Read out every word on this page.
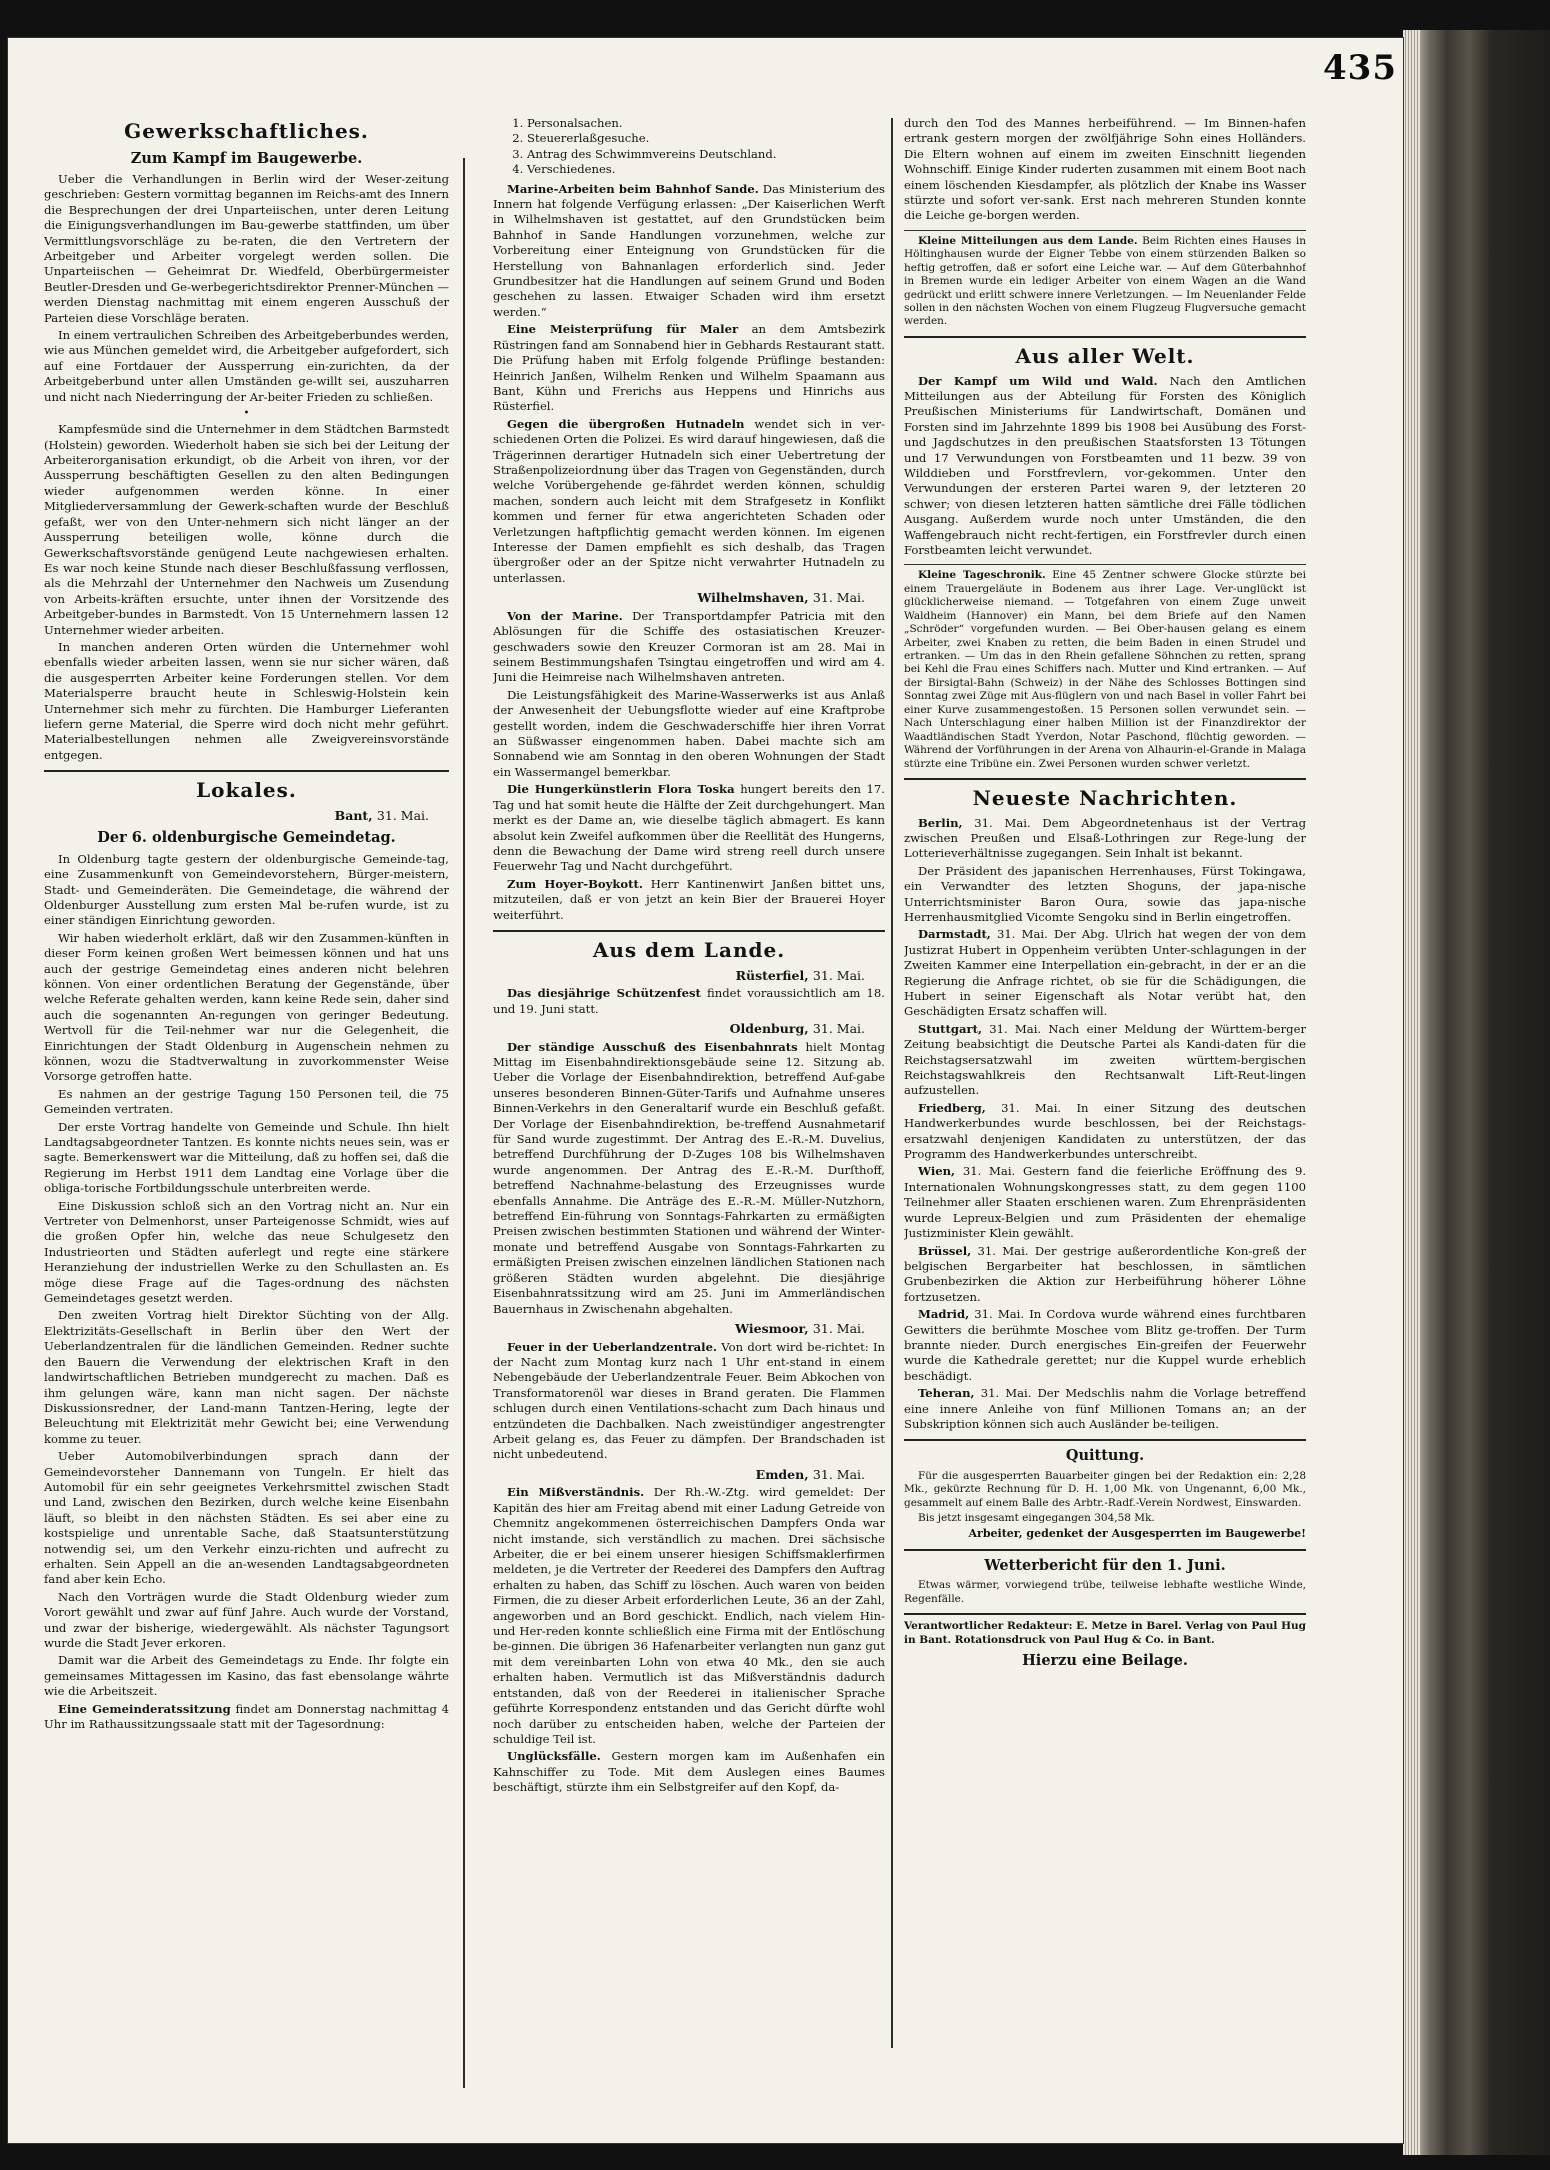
435
Gewerkschaftliches.
Zum Kampf im Baugewerbe.

Ueber die Verhandlungen in Berlin wird der Weser-zeitung geschrieben: Gestern vormittag begannen im Reichs-amt des Innern die Besprechungen der drei Unparteiischen, unter deren Leitung die Einigungsverhandlungen im Bau-gewerbe stattfinden, um über Vermittlungsvorschläge zu be-raten, die den Vertretern der Arbeitgeber und Arbeiter vorgelegt werden sollen. Die Unparteiischen — Geheimrat Dr. Wiedfeld, Oberbürgermeister Beutler-Dresden und Ge-werbegerichtsdirektor Prenner-München — werden Dienstag nachmittag mit einem engeren Ausschuß der Parteien diese Vorschläge beraten.

In einem vertraulichen Schreiben des Arbeitgeberbundes werden, wie aus München gemeldet wird, die Arbeitgeber aufgefordert, sich auf eine Fortdauer der Aussperrung ein-zurichten, da der Arbeitgeberbund unter allen Umständen ge-willt sei, auszuharren und nicht nach Niederringung der Ar-beiter Frieden zu schließen.

•

Kampfesmüde sind die Unternehmer in dem Städtchen Barmstedt (Holstein) geworden. Wiederholt haben sie sich bei der Leitung der Arbeiterorganisation erkundigt, ob die Arbeit von ihren, vor der Aussperrung beschäftigten Gesellen zu den alten Bedingungen wieder aufgenommen werden könne. In einer Mitgliederversammlung der Gewerk-schaften wurde der Beschluß gefaßt, wer von den Unter-nehmern sich nicht länger an der Aussperrung beteiligen wolle, könne durch die Gewerkschaftsvorstände genügend Leute nachgewiesen erhalten. Es war noch keine Stunde nach dieser Beschlußfassung verflossen, als die Mehrzahl der Unternehmer den Nachweis um Zusendung von Arbeits-kräften ersuchte, unter ihnen der Vorsitzende des Arbeitgeber-bundes in Barmstedt. Von 15 Unternehmern lassen 12 Unternehmer wieder arbeiten.

In manchen anderen Orten würden die Unternehmer wohl ebenfalls wieder arbeiten lassen, wenn sie nur sicher wären, daß die ausgesperrten Arbeiter keine Forderungen stellen. Vor dem Materialsperre braucht heute in Schleswig-Holstein kein Unternehmer sich mehr zu fürchten. Die Hamburger Lieferanten liefern gerne Material, die Sperre wird doch nicht mehr geführt. Materialbestellungen nehmen alle Zweigvereinsvorstände entgegen.

Lokales.
Bant, 31. Mai.
Der 6. oldenburgische Gemeindetag.

In Oldenburg tagte gestern der oldenburgische Gemeinde-tag, eine Zusammenkunft von Gemeindevorstehern, Bürger-meistern, Stadt- und Gemeinderäten. Die Gemeindetage, die während der Oldenburger Ausstellung zum ersten Mal be-rufen wurde, ist zu einer ständigen Einrichtung geworden.

Wir haben wiederholt erklärt, daß wir den Zusammen-künften in dieser Form keinen großen Wert beimessen können und hat uns auch der gestrige Gemeindetag eines anderen nicht belehren können. Von einer ordentlichen Beratung der Gegenstände, über welche Referate gehalten werden, kann keine Rede sein, daher sind auch die sogenannten An-regungen von geringer Bedeutung. Wertvoll für die Teil-nehmer war nur die Gelegenheit, die Einrichtungen der Stadt Oldenburg in Augenschein nehmen zu können, wozu die Stadtverwaltung in zuvorkommenster Weise Vorsorge getroffen hatte.

Es nahmen an der gestrige Tagung 150 Personen teil, die 75 Gemeinden vertraten.

Der erste Vortrag handelte von Gemeinde und Schule. Ihn hielt Landtagsabgeordneter Tantzen. Es konnte nichts neues sein, was er sagte. Bemerkenswert war die Mitteilung, daß zu hoffen sei, daß die Regierung im Herbst 1911 dem Landtag eine Vorlage über die obliga-torische Fortbildungsschule unterbreiten werde.

Eine Diskussion schloß sich an den Vortrag nicht an. Nur ein Vertreter von Delmenhorst, unser Parteigenosse Schmidt, wies auf die großen Opfer hin, welche das neue Schulgesetz den Industrieorten und Städten auferlegt und regte eine stärkere Heranziehung der industriellen Werke zu den Schullasten an. Es möge diese Frage auf die Tages-ordnung des nächsten Gemeindetages gesetzt werden.

Den zweiten Vortrag hielt Direktor Süchting von der Allg. Elektrizitäts-Gesellschaft in Berlin über den Wert der Ueberlandzentralen für die ländlichen Gemeinden. Redner suchte den Bauern die Verwendung der elektrischen Kraft in den landwirtschaftlichen Betrieben mundgerecht zu machen. Daß es ihm gelungen wäre, kann man nicht sagen. Der nächste Diskussionsredner, der Land-mann Tantzen-Hering, legte der Beleuchtung mit Elektrizität mehr Gewicht bei; eine Verwendung komme zu teuer.

Ueber Automobilverbindungen sprach dann der Gemeindevorsteher Dannemann von Tungeln. Er hielt das Automobil für ein sehr geeignetes Verkehrsmittel zwischen Stadt und Land, zwischen den Bezirken, durch welche keine Eisenbahn läuft, so bleibt in den nächsten Städten. Es sei aber eine zu kostspielige und unrentable Sache, daß Staatsunterstützung notwendig sei, um den Verkehr einzu-richten und aufrecht zu erhalten. Sein Appell an die an-wesenden Landtagsabgeordneten fand aber kein Echo.

Nach den Vorträgen wurde die Stadt Oldenburg wieder zum Vorort gewählt und zwar auf fünf Jahre. Auch wurde der Vorstand, und zwar der bisherige, wiedergewählt. Als nächster Tagungsort wurde die Stadt Jever erkoren.

Damit war die Arbeit des Gemeindetags zu Ende. Ihr folgte ein gemeinsames Mittagessen im Kasino, das fast ebensolange währte wie die Arbeitszeit.

Eine Gemeinderatssitzung findet am Donnerstag nachmittag 4 Uhr im Rathaussitzungssaale statt mit der Tagesordnung:

1. Personalsachen.
2. Steuererlaßgesuche.
3. Antrag des Schwimmvereins Deutschland.
4. Verschiedenes.

Marine-Arbeiten beim Bahnhof Sande. Das Ministerium des Innern hat folgende Verfügung erlassen: „Der Kaiserlichen Werft in Wilhelmshaven ist gestattet, auf den Grundstücken beim Bahnhof in Sande Handlungen vorzunehmen, welche zur Vorbereitung einer Enteignung von Grundstücken für die Herstellung von Bahnanlagen erforderlich sind. Jeder Grundbesitzer hat die Handlungen auf seinem Grund und Boden geschehen zu lassen. Etwaiger Schaden wird ihm ersetzt werden.“

Eine Meisterprüfung für Maler an dem Amtsbezirk Rüstringen fand am Sonnabend hier in Gebhards Restaurant statt. Die Prüfung haben mit Erfolg folgende Prüflinge bestanden: Heinrich Janßen, Wilhelm Renken und Wilhelm Spaamann aus Bant, Kühn und Frerichs aus Heppens und Hinrichs aus Rüsterfiel.

Gegen die übergroßen Hutnadeln wendet sich in ver-schiedenen Orten die Polizei. Es wird darauf hingewiesen, daß die Trägerinnen derartiger Hutnadeln sich einer Uebertretung der Straßenpolizeiordnung über das Tragen von Gegenständen, durch welche Vorübergehende ge-fährdet werden können, schuldig machen, sondern auch leicht mit dem Strafgesetz in Konflikt kommen und ferner für etwa angerichteten Schaden oder Verletzungen haftpflichtig gemacht werden können. Im eigenen Interesse der Damen empfiehlt es sich deshalb, das Tragen übergroßer oder an der Spitze nicht verwahrter Hutnadeln zu unterlassen.

Wilhelmshaven, 31. Mai.

Von der Marine. Der Transportdampfer Patricia mit den Ablösungen für die Schiffe des ostasiatischen Kreuzer-geschwaders sowie den Kreuzer Cormoran ist am 28. Mai in seinem Bestimmungshafen Tsingtau eingetroffen und wird am 4. Juni die Heimreise nach Wilhelmshaven antreten.

Die Leistungsfähigkeit des Marine-Wasserwerks ist aus Anlaß der Anwesenheit der Uebungsflotte wieder auf eine Kraftprobe gestellt worden, indem die Geschwaderschiffe hier ihren Vorrat an Süßwasser eingenommen haben. Dabei machte sich am Sonnabend wie am Sonntag in den oberen Wohnungen der Stadt ein Wassermangel bemerkbar.

Die Hungerkünstlerin Flora Toska hungert bereits den 17. Tag und hat somit heute die Hälfte der Zeit durchgehungert. Man merkt es der Dame an, wie dieselbe täglich abmagert. Es kann absolut kein Zweifel aufkommen über die Reellität des Hungerns, denn die Bewachung der Dame wird streng reell durch unsere Feuerwehr Tag und Nacht durchgeführt.

Zum Hoyer-Boykott. Herr Kantinenwirt Janßen bittet uns, mitzuteilen, daß er von jetzt an kein Bier der Brauerei Hoyer weiterführt.

Aus dem Lande.
Rüsterfiel, 31. Mai.

Das diesjährige Schützenfest findet voraussichtlich am 18. und 19. Juni statt.

Oldenburg, 31. Mai.

Der ständige Ausschuß des Eisenbahnrats hielt Montag Mittag im Eisenbahndirektionsgebäude seine 12. Sitzung ab. Ueber die Vorlage der Eisenbahndirektion, betreffend Auf-gabe unseres besonderen Binnen-Güter-Tarifs und Aufnahme unseres Binnen-Verkehrs in den Generaltarif wurde ein Beschluß gefaßt. Der Vorlage der Eisenbahndirektion, be-treffend Ausnahmetarif für Sand wurde zugestimmt. Der Antrag des E.-R.-M. Duvelius, betreffend Durchführung der D-Zuges 108 bis Wilhelmshaven wurde angenommen. Der Antrag des E.-R.-M. Durſthoff, betreffend Nachnahme-belastung des Erzeugnisses wurde ebenfalls Annahme. Die Anträge des E.-R.-M. Müller-Nutzhorn, betreffend Ein-führung von Sonntags-Fahrkarten zu ermäßigten Preisen zwischen bestimmten Stationen und während der Winter-monate und betreffend Ausgabe von Sonntags-Fahrkarten zu ermäßigten Preisen zwischen einzelnen ländlichen Stationen nach größeren Städten wurden abgelehnt. Die diesjährige Eisenbahnratssitzung wird am 25. Juni im Ammerländischen Bauernhaus in Zwischenahn abgehalten.

Wiesmoor, 31. Mai.

Feuer in der Ueberlandzentrale. Von dort wird be-richtet: In der Nacht zum Montag kurz nach 1 Uhr ent-stand in einem Nebengebäude der Ueberlandzentrale Feuer. Beim Abkochen von Transformatorenöl war dieses in Brand geraten. Die Flammen schlugen durch einen Ventilations-schacht zum Dach hinaus und entzündeten die Dachbalken. Nach zweistündiger angestrengter Arbeit gelang es, das Feuer zu dämpfen. Der Brandschaden ist nicht unbedeutend.

Emden, 31. Mai.

Ein Mißverständnis. Der Rh.-W.-Ztg. wird gemeldet: Der Kapitän des hier am Freitag abend mit einer Ladung Getreide von Chemnitz angekommenen österreichischen Dampfers Onda war nicht imstande, sich verständlich zu machen. Drei sächsische Arbeiter, die er bei einem unserer hiesigen Schiffsmaklerfirmen meldeten, je die Vertreter der Reederei des Dampfers den Auftrag erhalten zu haben, das Schiff zu löschen. Auch waren von beiden Firmen, die zu dieser Arbeit erforderlichen Leute, 36 an der Zahl, angeworben und an Bord geschickt. Endlich, nach vielem Hin- und Her-reden konnte schließlich eine Firma mit der Entlöschung be-ginnen. Die übrigen 36 Hafenarbeiter verlangten nun ganz gut mit dem vereinbarten Lohn von etwa 40 Mk., den sie auch erhalten haben. Vermutlich ist das Mißverständnis dadurch entstanden, daß von der Reederei in italienischer Sprache geführte Korrespondenz entstanden und das Gericht dürfte wohl noch darüber zu entscheiden haben, welche der Parteien der schuldige Teil ist.

Unglücksfälle. Gestern morgen kam im Außenhafen ein Kahnschiffer zu Tode. Mit dem Auslegen eines Baumes beschäftigt, stürzte ihm ein Selbstgreifer auf den Kopf, da-

durch den Tod des Mannes herbeiführend. — Im Binnen-hafen ertrank gestern morgen der zwölfjährige Sohn eines Holländers. Die Eltern wohnen auf einem im zweiten Einschnitt liegenden Wohnschiff. Einige Kinder ruderten zusammen mit einem Boot nach einem löschenden Kiesdampfer, als plötzlich der Knabe ins Wasser stürzte und sofort ver-sank. Erst nach mehreren Stunden konnte die Leiche ge-borgen werden.

Kleine Mitteilungen aus dem Lande. Beim Richten eines Hauses in Höltinghausen wurde der Eigner Tebbe von einem stürzenden Balken so heftig getroffen, daß er sofort eine Leiche war. — Auf dem Güterbahnhof in Bremen wurde ein lediger Arbeiter von einem Wagen an die Wand gedrückt und erlitt schwere innere Verletzungen. — Im Neuenlander Felde sollen in den nächsten Wochen von einem Flugzeug Flugversuche gemacht werden.

Aus aller Welt.

Der Kampf um Wild und Wald. Nach den Amtlichen Mitteilungen aus der Abteilung für Forsten des Königlich Preußischen Ministeriums für Landwirtschaft, Domänen und Forsten sind im Jahrzehnte 1899 bis 1908 bei Ausübung des Forst- und Jagdschutzes in den preußischen Staatsforsten 13 Tötungen und 17 Verwundungen von Forstbeamten und 11 bezw. 39 von Wilddieben und Forstfrevlern, vor-gekommen. Unter den Verwundungen der ersteren Partei waren 9, der letzteren 20 schwer; von diesen letzteren hatten sämtliche drei Fälle tödlichen Ausgang. Außerdem wurde noch unter Umständen, die den Waffengebrauch nicht recht-fertigen, ein Forstfrevler durch einen Forstbeamten leicht verwundet.

Kleine Tageschronik. Eine 45 Zentner schwere Glocke stürzte bei einem Trauergeläute in Bodenem aus ihrer Lage. Ver-unglückt ist glücklicherweise niemand. — Totgefahren von einem Zuge unweit Waldheim (Hannover) ein Mann, bei dem Briefe auf den Namen „Schröder“ vorgefunden wurden. — Bei Ober-hausen gelang es einem Arbeiter, zwei Knaben zu retten, die beim Baden in einen Strudel und ertranken. — Um das in den Rhein gefallene Söhnchen zu retten, sprang bei Kehl die Frau eines Schiffers nach. Mutter und Kind ertranken. — Auf der Birsigtal-Bahn (Schweiz) in der Nähe des Schlosses Bottingen sind Sonntag zwei Züge mit Aus-flüglern von und nach Basel in voller Fahrt bei einer Kurve zusammengestoßen. 15 Personen sollen verwundet sein. — Nach Unterschlagung einer halben Million ist der Finanzdirektor der Waadtländischen Stadt Yverdon, Notar Paschond, flüchtig geworden. — Während der Vorführungen in der Arena von Alhaurin-el-Grande in Malaga stürzte eine Tribüne ein. Zwei Personen wurden schwer verletzt.

Neueste Nachrichten.

Berlin, 31. Mai. Dem Abgeordnetenhaus ist der Vertrag zwischen Preußen und Elsaß-Lothringen zur Rege-lung der Lotterieverhältnisse zugegangen. Sein Inhalt ist bekannt.

Der Präsident des japanischen Herrenhauses, Fürst Tokingawa, ein Verwandter des letzten Shoguns, der japa-nische Unterrichtsminister Baron Oura, sowie das japa-nische Herrenhausmitglied Vicomte Sengoku sind in Berlin eingetroffen.

Darmstadt, 31. Mai. Der Abg. Ulrich hat wegen der von dem Justizrat Hubert in Oppenheim verübten Unter-schlagungen in der Zweiten Kammer eine Interpellation ein-gebracht, in der er an die Regierung die Anfrage richtet, ob sie für die Schädigungen, die Hubert in seiner Eigenschaft als Notar verübt hat, den Geschädigten Ersatz schaffen will.

Stuttgart, 31. Mai. Nach einer Meldung der Württem-berger Zeitung beabsichtigt die Deutsche Partei als Kandi-daten für die Reichstagsersatzwahl im zweiten württem-bergischen Reichstagswahlkreis den Rechtsanwalt Lift-Reut-lingen aufzustellen.

Friedberg, 31. Mai. In einer Sitzung des deutschen Handwerkerbundes wurde beschlossen, bei der Reichstags-ersatzwahl denjenigen Kandidaten zu unterstützen, der das Programm des Handwerkerbundes unterschreibt.

Wien, 31. Mai. Gestern fand die feierliche Eröffnung des 9. Internationalen Wohnungskongresses statt, zu dem gegen 1100 Teilnehmer aller Staaten erschienen waren. Zum Ehrenpräsidenten wurde Lepreux-Belgien und zum Präsidenten der ehemalige Justizminister Klein gewählt.

Brüssel, 31. Mai. Der gestrige außerordentliche Kon-greß der belgischen Bergarbeiter hat beschlossen, in sämtlichen Grubenbezirken die Aktion zur Herbeiführung höherer Löhne fortzusetzen.

Madrid, 31. Mai. In Cordova wurde während eines furchtbaren Gewitters die berühmte Moschee vom Blitz ge-troffen. Der Turm brannte nieder. Durch energisches Ein-greifen der Feuerwehr wurde die Kathedrale gerettet; nur die Kuppel wurde erheblich beschädigt.

Teheran, 31. Mai. Der Medschlis nahm die Vorlage betreffend eine innere Anleihe von fünf Millionen Tomans an; an der Subskription können sich auch Ausländer be-teiligen.

Quittung.

Für die ausgesperrten Bauarbeiter gingen bei der Redaktion ein: 2,28 Mk., gekürzte Rechnung für D. H. 1,00 Mk. von Ungenannt, 6,00 Mk., gesammelt auf einem Balle des Arbtr.-Radf.-Verein Nordwest, Einswarden.

Bis jetzt insgesamt eingegangen 304,58 Mk.

Arbeiter, gedenket der Ausgesperrten im Baugewerbe!
Wetterbericht für den 1. Juni.

Etwas wärmer, vorwiegend trübe, teilweise lebhafte westliche Winde, Regenfälle.

Verantwortlicher Redakteur: E. Metze in Barel. Verlag von Paul Hug in Bant. Rotationsdruck von Paul Hug & Co. in Bant.

Hierzu eine Beilage.
